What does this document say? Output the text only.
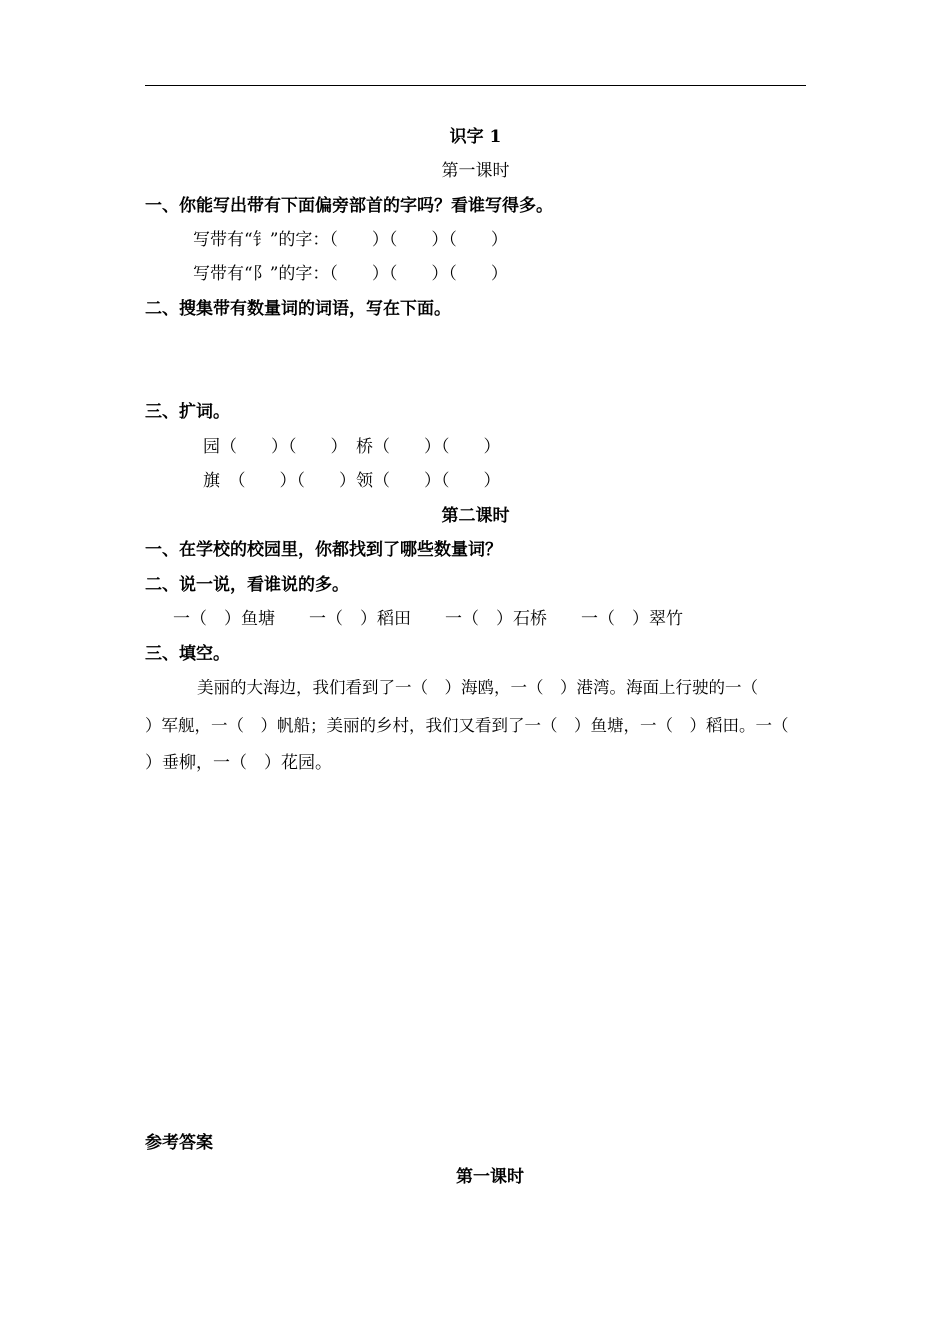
识字 1
第一课时
一、你能写出带有下面偏旁部首的字吗？看谁写得多。
写带有“钅”的字：（　　）（　　）（　　）
写带有“阝”的字：（　　）（　　）（　　）
二、搜集带有数量词的词语，写在下面。
三、扩词。
园（　　）（　　）　桥（　　）（　　）
旗　（　　）（　　）领（　　）（　　）
第二课时
一、在学校的校园里，你都找到了哪些数量词？
二、说一说，看谁说的多。
一（　）鱼塘　　一（　）稻田　　一（　）石桥　　一（　）翠竹
三、填空。
美丽的大海边，我们看到了一（　）海鸥，一（　）港湾。海面上行驶的一（
）军舰，一（　）帆船；美丽的乡村，我们又看到了一（　）鱼塘，一（　）稻田。一（
）垂柳，一（　）花园。
参考答案
第一课时
